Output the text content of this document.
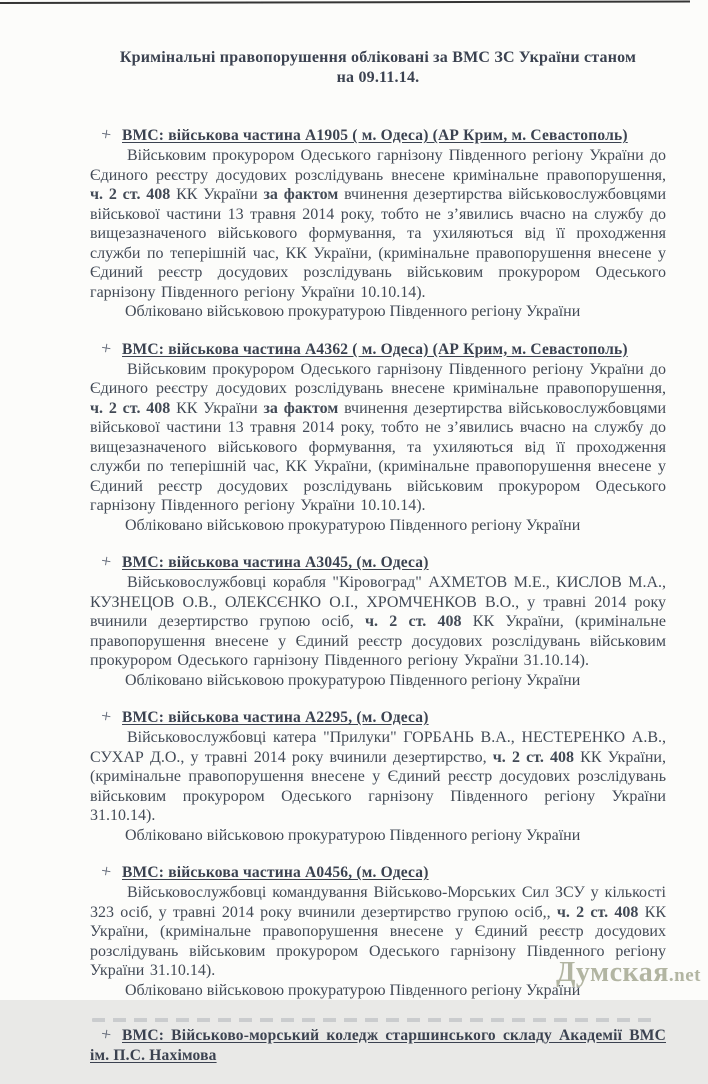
Кримінальні правопорушення обліковані за ВМС ЗС України станом
на 09.11.14.
+ ВМС: військова частина А1905 ( м. Одеса) (АР Крим, м. Севастополь)

Військовим прокурором Одеського гарнізону Південного регіону України до Єдиного реєстру досудових розслідувань внесене кримінальне правопорушення, ч. 2 ст. 408 КК України за фактом вчинення дезертирства військовослужбовцями військової частини 13 травня 2014 року, тобто не з’явились вчасно на службу до вищезазначеного військового формування, та ухиляються від її проходження служби по теперішній час, КК України, (кримінальне правопорушення внесене у Єдиний реєстр досудових розслідувань військовим прокурором Одеського гарнізону Південного регіону України 10.10.14).

Обліковано військовою прокуратурою Південного регіону України

+ ВМС: військова частина А4362 ( м. Одеса) (АР Крим, м. Севастополь)

Військовим прокурором Одеського гарнізону Південного регіону України до Єдиного реєстру досудових розслідувань внесене кримінальне правопорушення, ч. 2 ст. 408 КК України за фактом вчинення дезертирства військовослужбовцями військової частини 13 травня 2014 року, тобто не з’явились вчасно на службу до вищезазначеного військового формування, та ухиляються від її проходження служби по теперішній час, КК України, (кримінальне правопорушення внесене у Єдиний реєстр досудових розслідувань військовим прокурором Одеського гарнізону Південного регіону України 10.10.14).

Обліковано військовою прокуратурою Південного регіону України

+ ВМС: військова частина А3045, (м. Одеса)

Військовослужбовці корабля "Кіровоград" АХМЕТОВ М.Е., КИСЛОВ М.А., КУЗНЕЦОВ О.В., ОЛЕКСЄНКО О.І., ХРОМЧЕНКОВ В.О., у травні 2014 року вчинили дезертирство групою осіб, ч. 2 ст. 408 КК України, (кримінальне правопорушення внесене у Єдиний реєстр досудових розслідувань військовим прокурором Одеського гарнізону Південного регіону України 31.10.14).

Обліковано військовою прокуратурою Південного регіону України

+ ВМС: військова частина А2295, (м. Одеса)

Військовослужбовці катера "Прилуки" ГОРБАНЬ В.А., НЕСТЕРЕНКО А.В., СУХАР Д.О., у травні 2014 року вчинили дезертирство, ч. 2 ст. 408 КК України, (кримінальне правопорушення внесене у Єдиний реєстр досудових розслідувань військовим прокурором Одеського гарнізону Південного регіону України 31.10.14).

Обліковано військовою прокуратурою Південного регіону України

+ ВМС: військова частина А0456, (м. Одеса)

Військовослужбовці командування Військово-Морських Сил ЗСУ у кількості 323 осіб, у травні 2014 року вчинили дезертирство групою осіб,, ч. 2 ст. 408 КК України, (кримінальне правопорушення внесене у Єдиний реєстр досудових розслідувань військовим прокурором Одеського гарнізону Південного регіону України 31.10.14).

Обліковано військовою прокуратурою Південного регіону України

+ ВМС: Військово-морський коледж старшинського складу Академії ВМС ім. П.С. Нахімова
Думская.net
